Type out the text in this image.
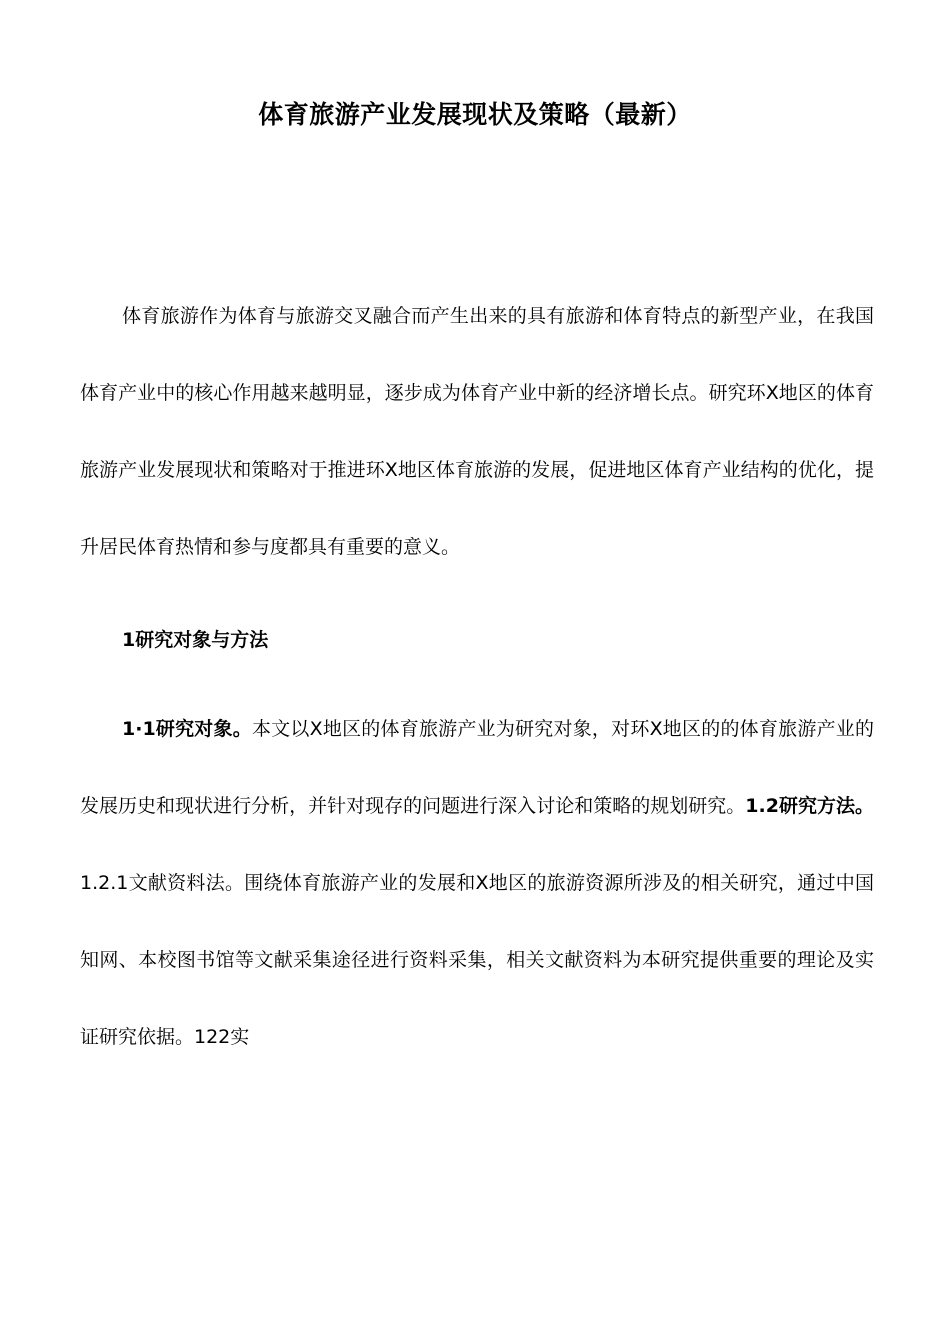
体育旅游产业发展现状及策略（最新）

体育旅游作为体育与旅游交叉融合而产生出来的具有旅游和体育特点的新型产业，在我国体育产业中的核心作用越来越明显，逐步成为体育产业中新的经济增长点。研究环X地区的体育旅游产业发展现状和策略对于推进环X地区体育旅游的发展，促进地区体育产业结构的优化，提升居民体育热情和参与度都具有重要的意义。

1研究对象与方法

1·1研究对象。本文以X地区的体育旅游产业为研究对象，对环X地区的的体育旅游产业的发展历史和现状进行分析，并针对现存的问题进行深入讨论和策略的规划研究。1.2研究方法。1.2.1文献资料法。围绕体育旅游产业的发展和X地区的旅游资源所涉及的相关研究，通过中国知网、本校图书馆等文献采集途径进行资料采集，相关文献资料为本研究提供重要的理论及实证研究依据。122实
